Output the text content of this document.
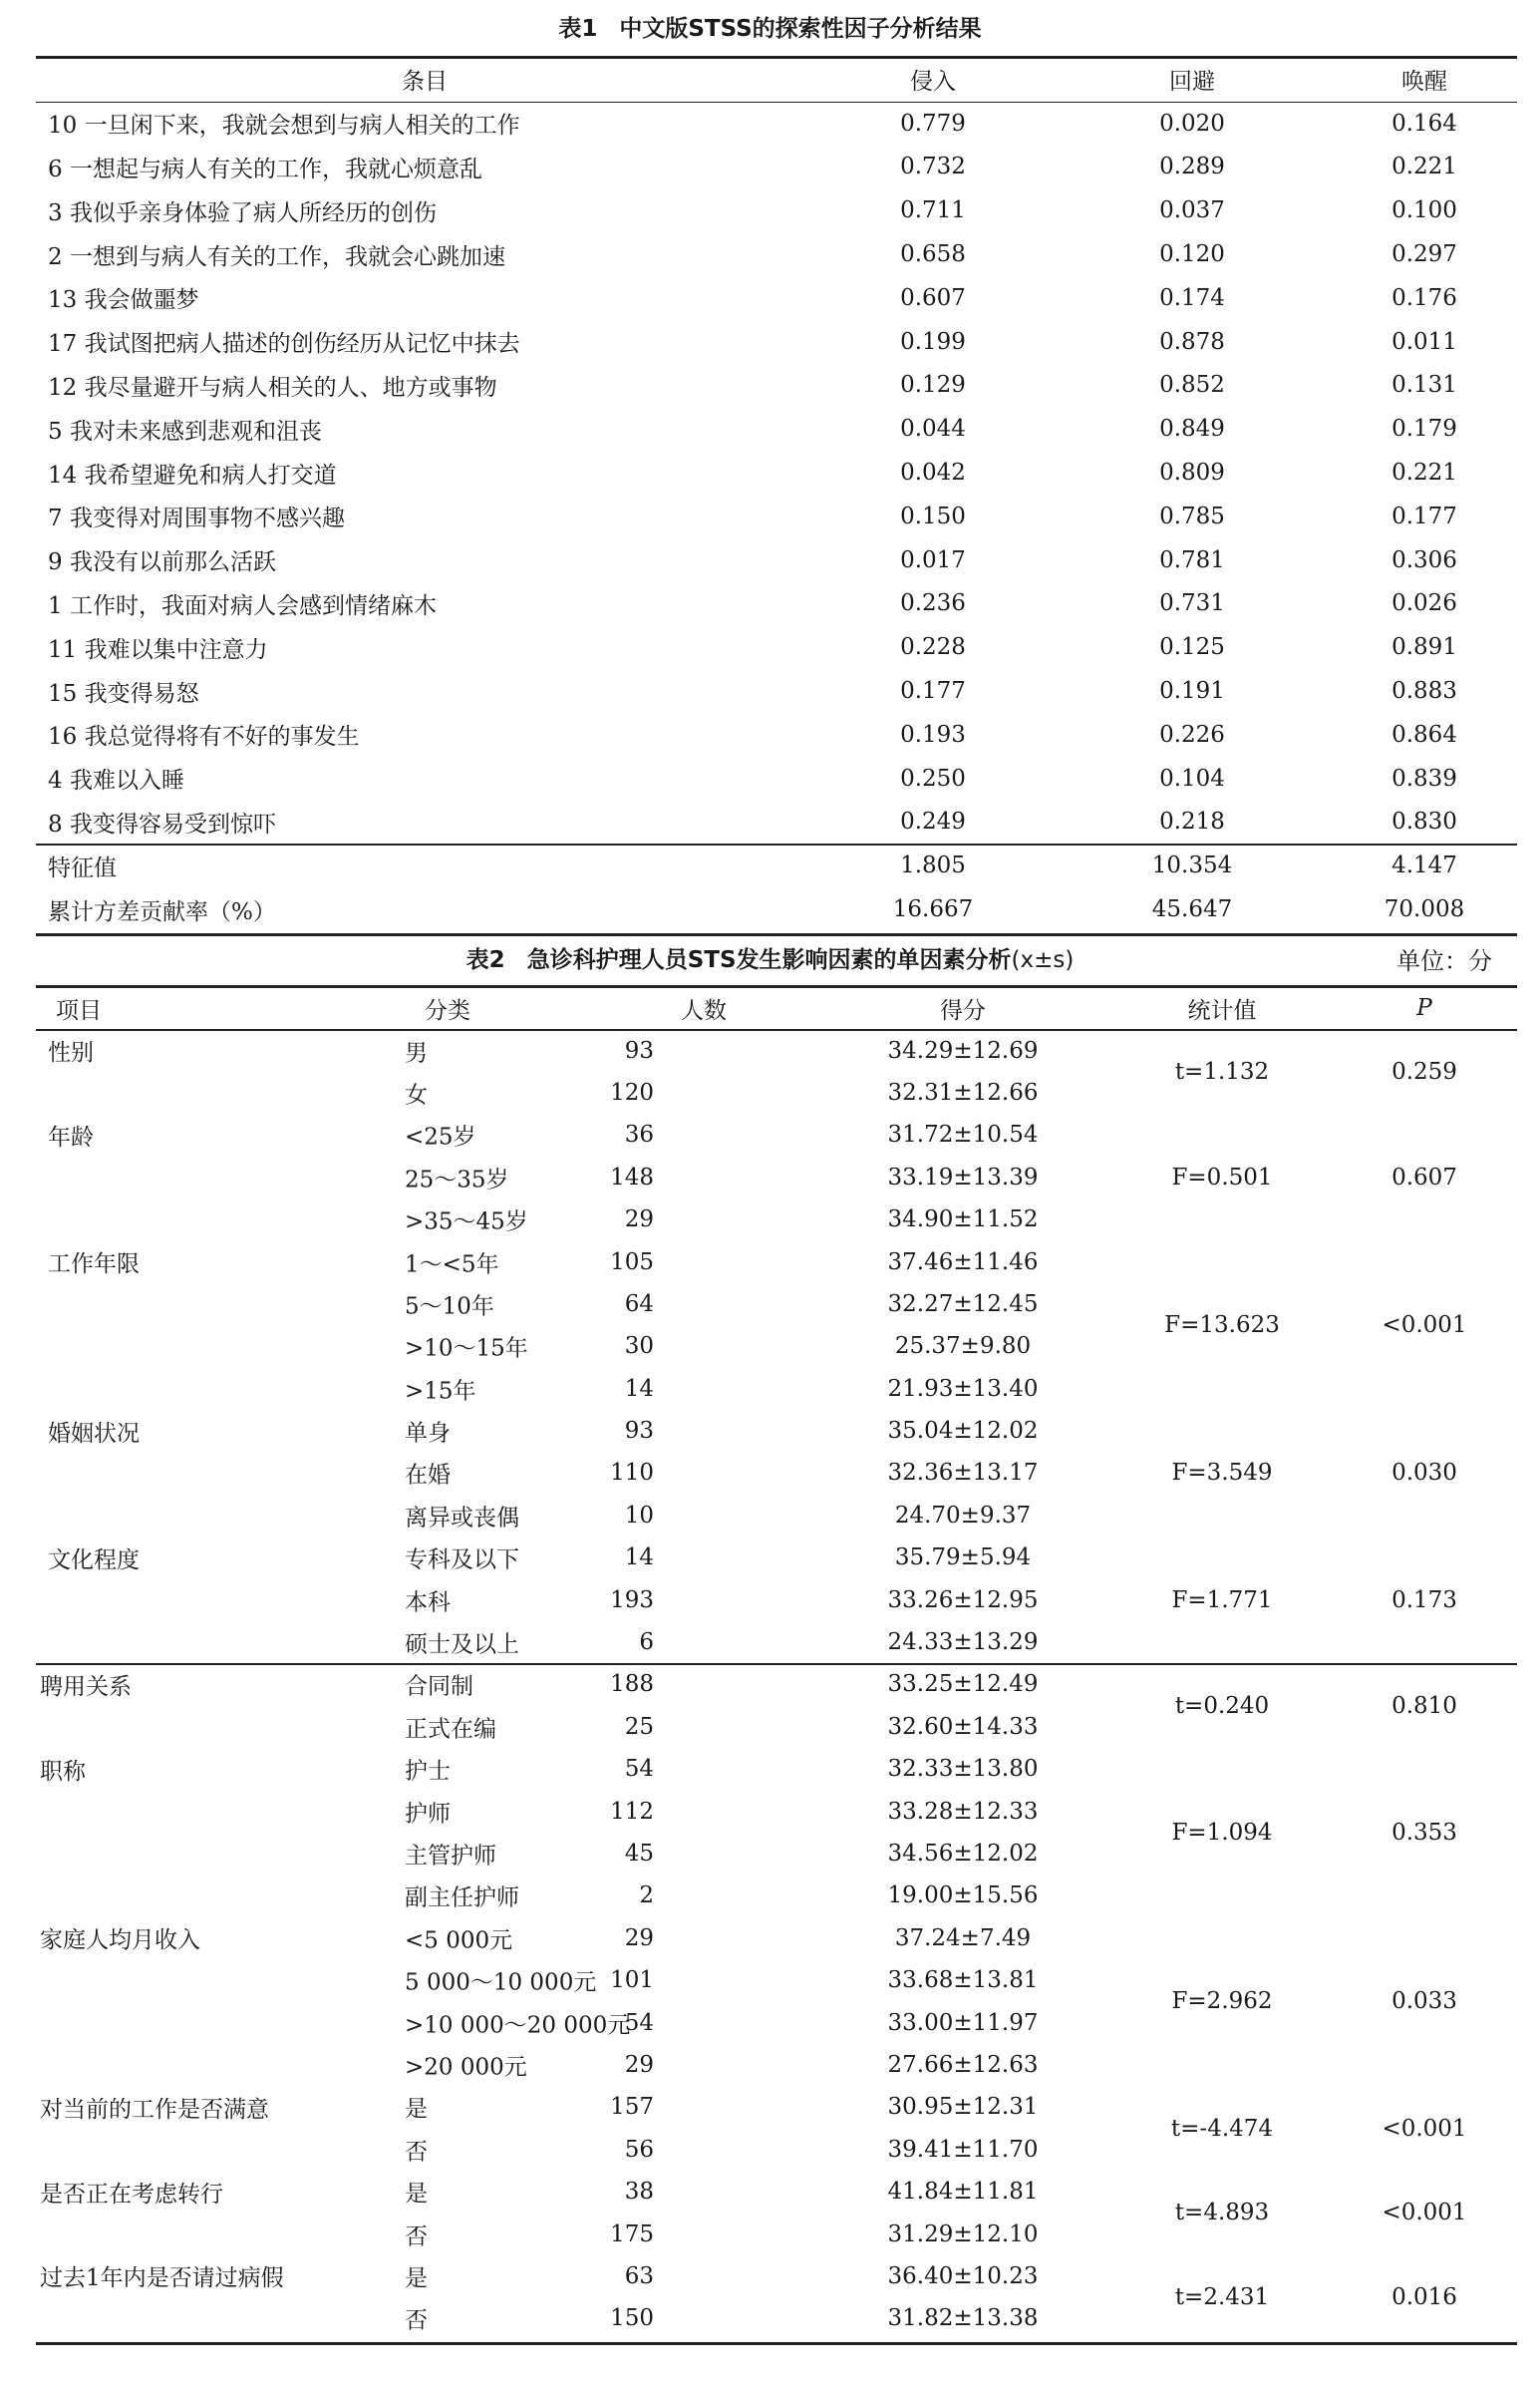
表1 中文版STSS的探索性因子分析结果
条目	侵入	回避	唤醒
10 一旦闲下来，我就会想到与病人相关的工作	0.779	0.020	0.164
6 一想起与病人有关的工作，我就心烦意乱	0.732	0.289	0.221
3 我似乎亲身体验了病人所经历的创伤	0.711	0.037	0.100
2 一想到与病人有关的工作，我就会心跳加速	0.658	0.120	0.297
13 我会做噩梦	0.607	0.174	0.176
17 我试图把病人描述的创伤经历从记忆中抹去	0.199	0.878	0.011
12 我尽量避开与病人相关的人、地方或事物	0.129	0.852	0.131
5 我对未来感到悲观和沮丧	0.044	0.849	0.179
14 我希望避免和病人打交道	0.042	0.809	0.221
7 我变得对周围事物不感兴趣	0.150	0.785	0.177
9 我没有以前那么活跃	0.017	0.781	0.306
1 工作时，我面对病人会感到情绪麻木	0.236	0.731	0.026
11 我难以集中注意力	0.228	0.125	0.891
15 我变得易怒	0.177	0.191	0.883
16 我总觉得将有不好的事发生	0.193	0.226	0.864
4 我难以入睡	0.250	0.104	0.839
8 我变得容易受到惊吓	0.249	0.218	0.830
特征值	1.805	10.354	4.147
累计方差贡献率（%）	16.667	45.647	70.008
表2 急诊科护理人员STS发生影响因素的单因素分析(x±s)	单位：分
项目 分类	人数	得分	统计值	P
性别 男	93	34.29±12.69	t=1.132	0.259

女	120	32.31±12.66		
年龄 <25岁	36	31.72±10.54	F=0.501	0.607

25～35岁	148	33.19±13.39		

>35～45岁	29	34.90±11.52		
工作年限 1～<5年	105	37.46±11.46	F=13.623	<0.001

5～10年	64	32.27±12.45		

>10～15年	30	25.37±9.80		

>15年	14	21.93±13.40		
婚姻状况 单身	93	35.04±12.02	F=3.549	0.030

在婚	110	32.36±13.17		

离异或丧偶	10	24.70±9.37		
文化程度 专科及以下	14	35.79±5.94	F=1.771	0.173

本科	193	33.26±12.95		

硕士及以上	6	24.33±13.29		
聘用关系 合同制	188	33.25±12.49	t=0.240	0.810

正式在编	25	32.60±14.33		
职称 护士	54	32.33±13.80	F=1.094	0.353

护师	112	33.28±12.33		

主管护师	45	34.56±12.02		

副主任护师	2	19.00±15.56		
家庭人均月收入 <5 000元	29	37.24±7.49	F=2.962	0.033

5 000～10 000元	101	33.68±13.81		

>10 000～20 000元	54	33.00±11.97		

>20 000元	29	27.66±12.63		
对当前的工作是否满意 是	157	30.95±12.31	t=-4.474	<0.001

否	56	39.41±11.70		
是否正在考虑转行 是	38	41.84±11.81	t=4.893	<0.001

否	175	31.29±12.10		
过去1年内是否请过病假 是	63	36.40±10.23	t=2.431	0.016

否	150	31.82±13.38		
